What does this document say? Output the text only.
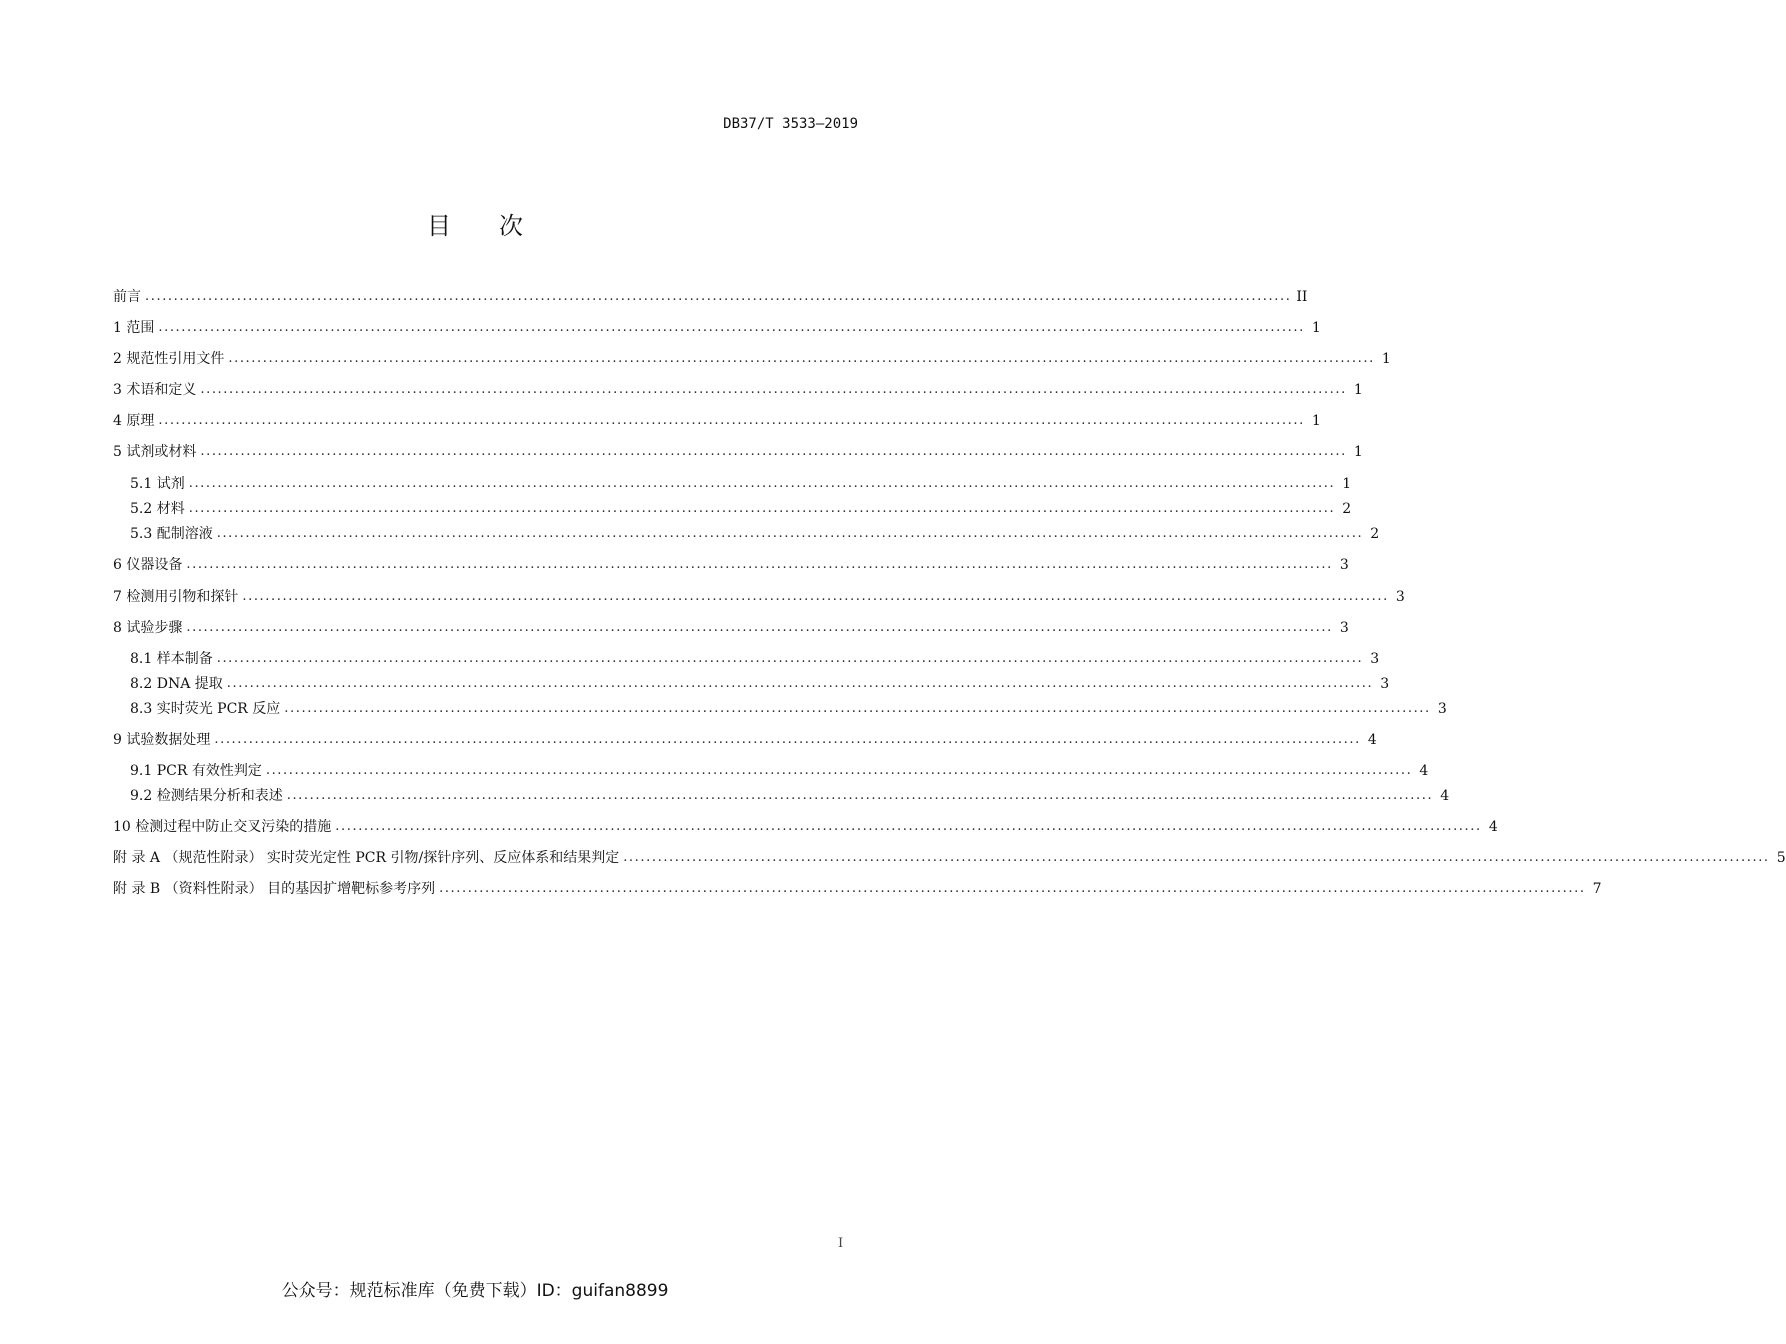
DB37/T 3533—2019
目次
前言 ........................................................................................................................................................................................................ II
1 范围 ........................................................................................................................................................................................................ 1
2 规范性引用文件 ........................................................................................................................................................................................................ 1
3 术语和定义 ........................................................................................................................................................................................................ 1
4 原理 ........................................................................................................................................................................................................ 1
5 试剂或材料 ........................................................................................................................................................................................................ 1
5.1 试剂 ........................................................................................................................................................................................................ 1
5.2 材料 ........................................................................................................................................................................................................ 2
5.3 配制溶液 ........................................................................................................................................................................................................ 2
6 仪器设备 ........................................................................................................................................................................................................ 3
7 检测用引物和探针 ........................................................................................................................................................................................................ 3
8 试验步骤 ........................................................................................................................................................................................................ 3
8.1 样本制备 ........................................................................................................................................................................................................ 3
8.2 DNA 提取 ........................................................................................................................................................................................................ 3
8.3 实时荧光 PCR 反应 ........................................................................................................................................................................................................ 3
9 试验数据处理 ........................................................................................................................................................................................................ 4
9.1 PCR 有效性判定 ........................................................................................................................................................................................................ 4
9.2 检测结果分析和表述 ........................................................................................................................................................................................................ 4
10 检测过程中防止交叉污染的措施 ........................................................................................................................................................................................................ 4
附 录 A （规范性附录） 实时荧光定性 PCR 引物/探针序列、反应体系和结果判定 ........................................................................................................................................................................................................ 5
附 录 B （资料性附录） 目的基因扩增靶标参考序列 ........................................................................................................................................................................................................ 7
I
公众号：规范标准库（免费下载）ID：guifan8899
